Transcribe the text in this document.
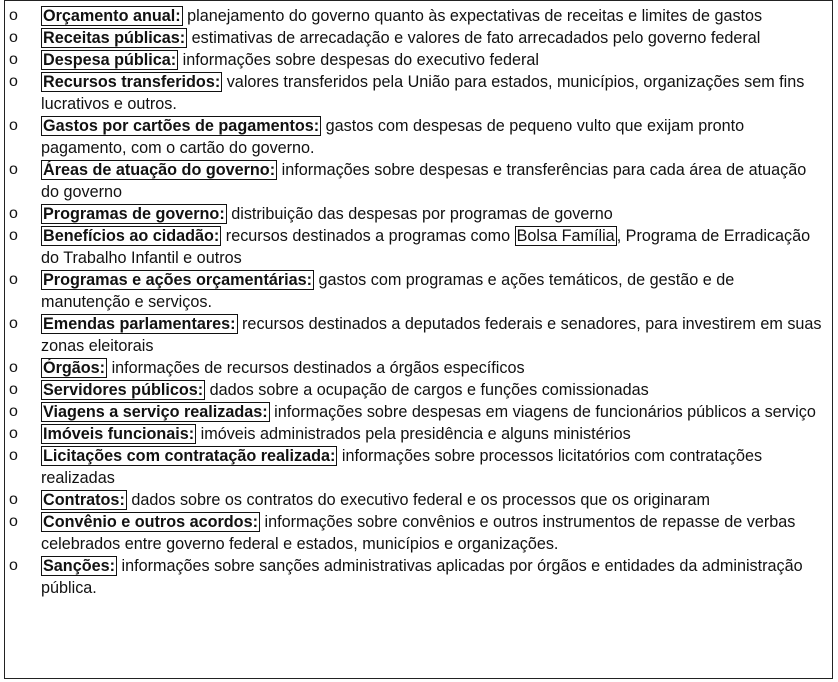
o Orçamento anual: planejamento do governo quanto às expectativas de receitas e limites de gastos
o Receitas públicas: estimativas de arrecadação e valores de fato arrecadados pelo governo federal
o Despesa pública: informações sobre despesas do executivo federal
o Recursos transferidos: valores transferidos pela União para estados, municípios, organizações sem fins lucrativos e outros.
o Gastos por cartões de pagamentos: gastos com despesas de pequeno vulto que exijam pronto pagamento, com o cartão do governo.
o Áreas de atuação do governo: informações sobre despesas e transferências para cada área de atuação do governo
o Programas de governo: distribuição das despesas por programas de governo
o Benefícios ao cidadão: recursos destinados a programas como Bolsa Família , Programa de Erradicação do Trabalho Infantil e outros
o Programas e ações orçamentárias: gastos com programas e ações temáticos, de gestão e de manutenção e serviços.
o Emendas parlamentares: recursos destinados a deputados federais e senadores, para investirem em suas zonas eleitorais
o Órgãos: informações de recursos destinados a órgãos específicos
o Servidores públicos: dados sobre a ocupação de cargos e funções comissionadas
o Viagens a serviço realizadas: informações sobre despesas em viagens de funcionários públicos a serviço
o Imóveis funcionais: imóveis administrados pela presidência e alguns ministérios
o Licitações com contratação realizada: informações sobre processos licitatórios com contratações realizadas
o Contratos: dados sobre os contratos do executivo federal e os processos que os originaram
o Convênio e outros acordos: informações sobre convênios e outros instrumentos de repasse de verbas celebrados entre governo federal e estados, municípios e organizações.
o Sanções: informações sobre sanções administrativas aplicadas por órgãos e entidades da administração pública.
